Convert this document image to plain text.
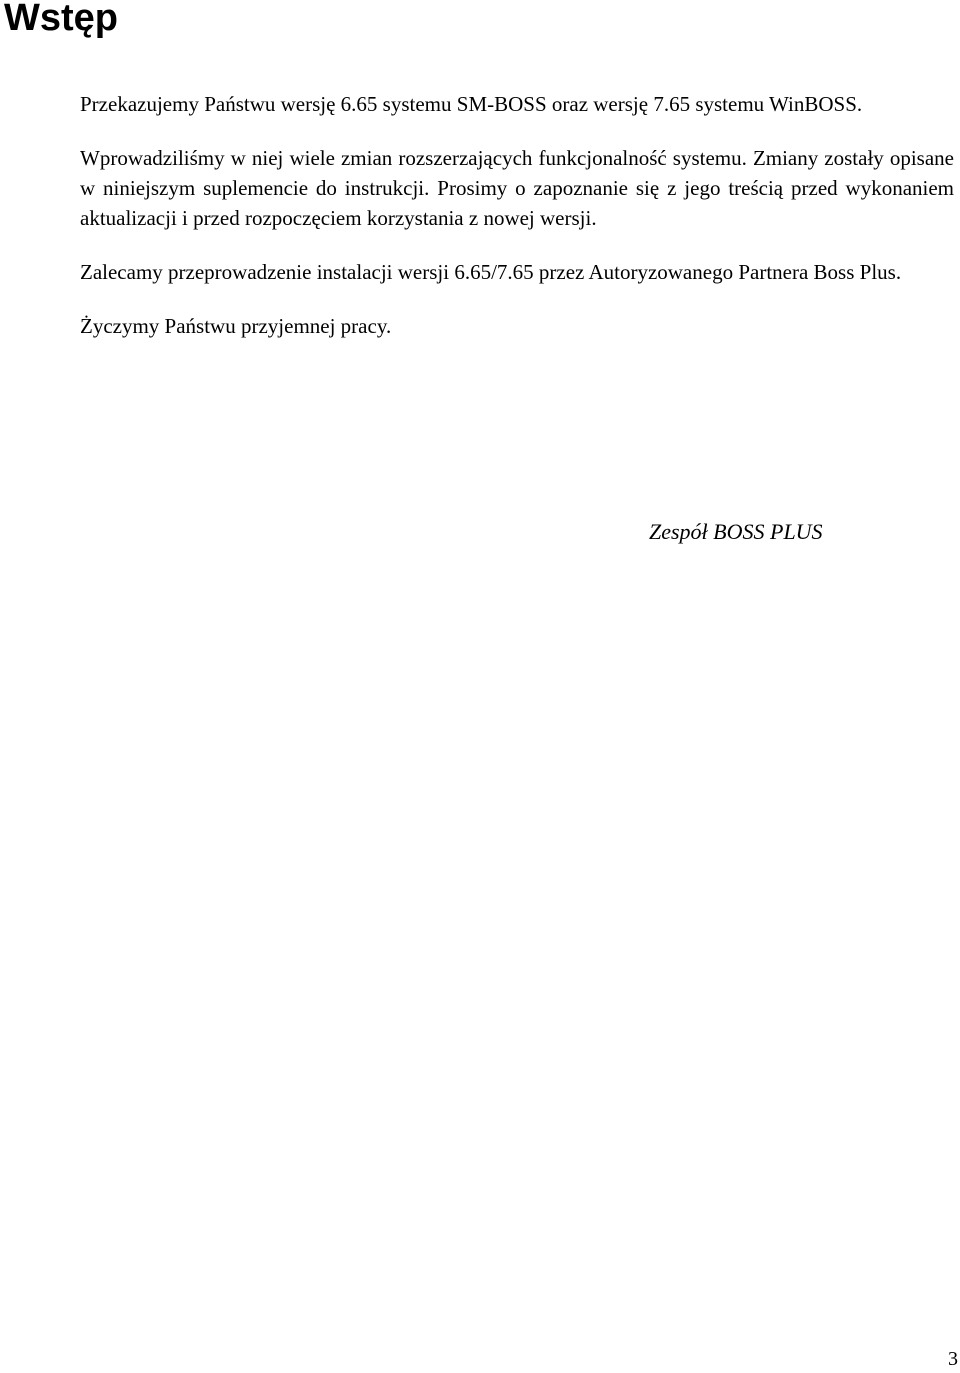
Wstęp

Przekazujemy Państwu wersję 6.65 systemu SM-BOSS oraz wersję 7.65 systemu WinBOSS.

Wprowadziliśmy w niej wiele zmian rozszerzających funkcjonalność systemu. Zmiany zostały opisane w niniejszym suplemencie do instrukcji. Prosimy o zapoznanie się z jego treścią przed wykonaniem aktualizacji i przed rozpoczęciem korzystania z nowej wersji.

Zalecamy przeprowadzenie instalacji wersji 6.65/7.65 przez Autoryzowanego Partnera Boss Plus.

Życzymy Państwu przyjemnej pracy.

Zespół BOSS PLUS

3
